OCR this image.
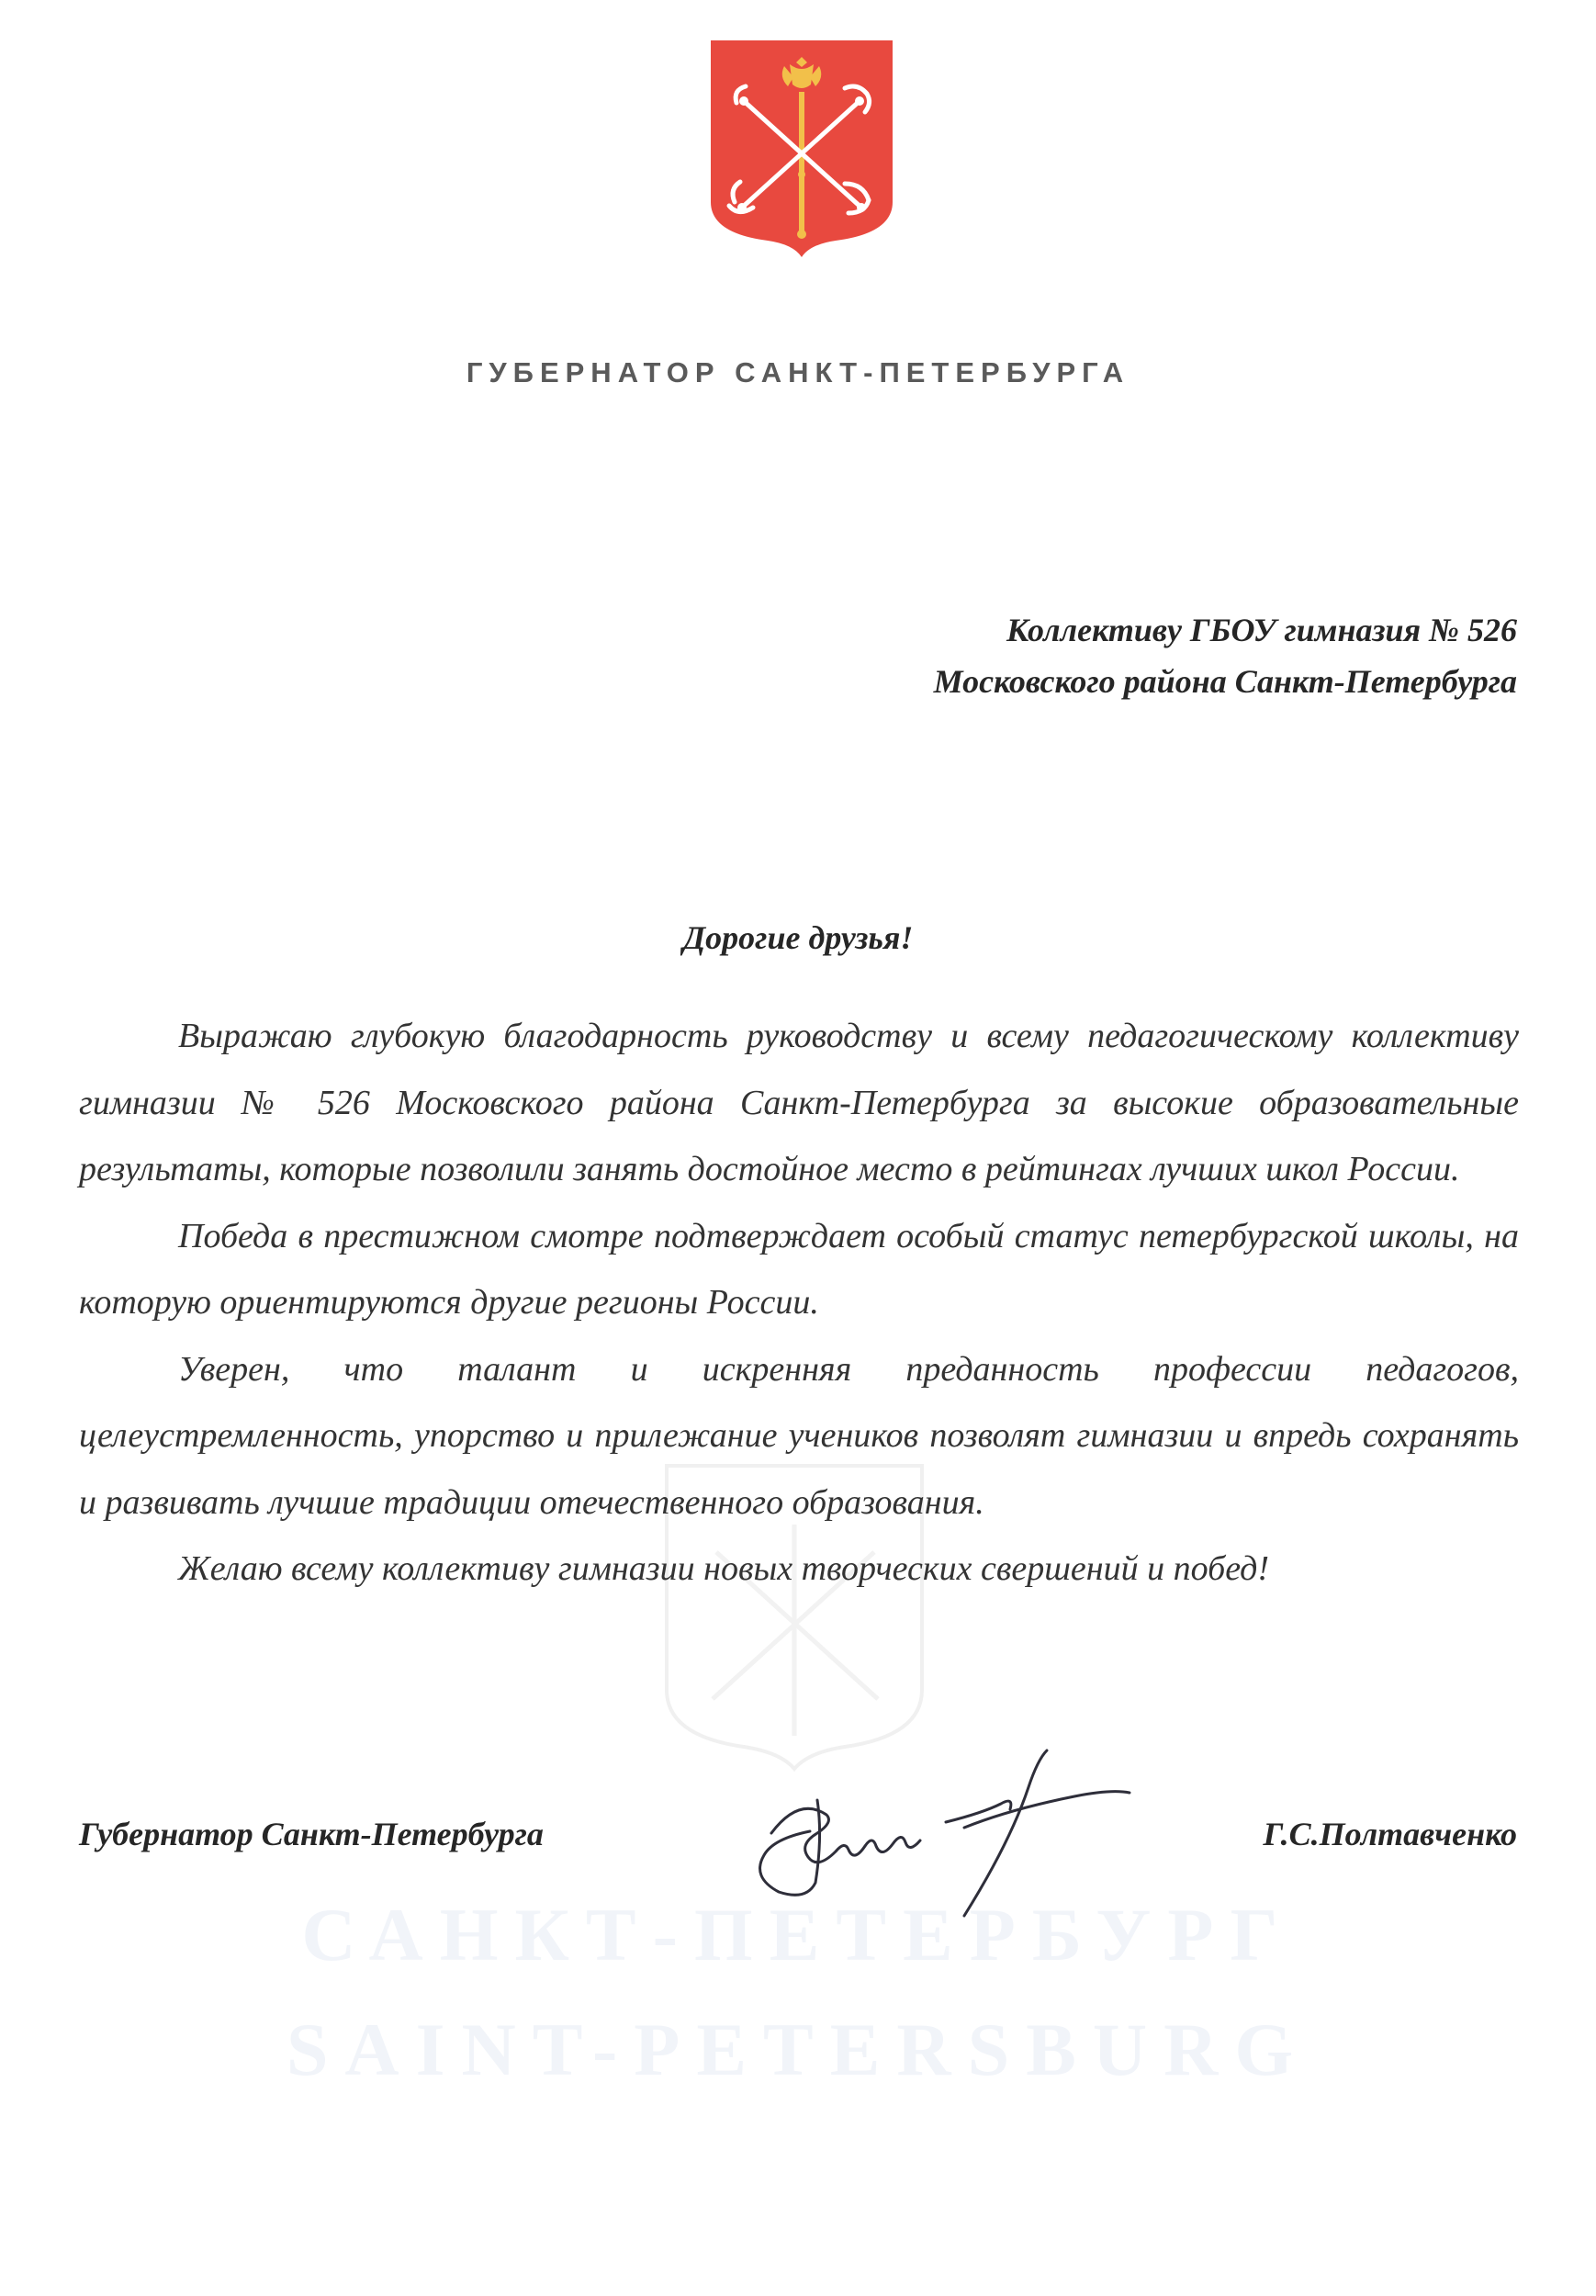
ГУБЕРНАТОР САНКТ-ПЕТЕРБУРГА
Коллективу ГБОУ гимназия № 526
Московского района Санкт-Петербурга
Дорогие друзья!

Выражаю глубокую благодарность руководству и всему педагогическому коллективу гимназии № 526 Московского района Санкт-Петербурга за высокие образовательные результаты, которые позволили занять достойное место в рейтингах лучших школ России.

Победа в престижном смотре подтверждает особый статус петербургской школы, на которую ориентируются другие регионы России.

Уверен, что талант и искренняя преданность профессии педагогов, целеустремленность, упорство и прилежание учеников позволят гимназии и впредь сохранять и развивать лучшие традиции отечественного образования.

Желаю всему коллективу гимназии новых творческих свершений и побед!

САНКТ-ПЕТЕРБУРГ
SAINT-PETERSBURG
Губернатор Санкт-Петербурга	Г.С.Полтавченко
